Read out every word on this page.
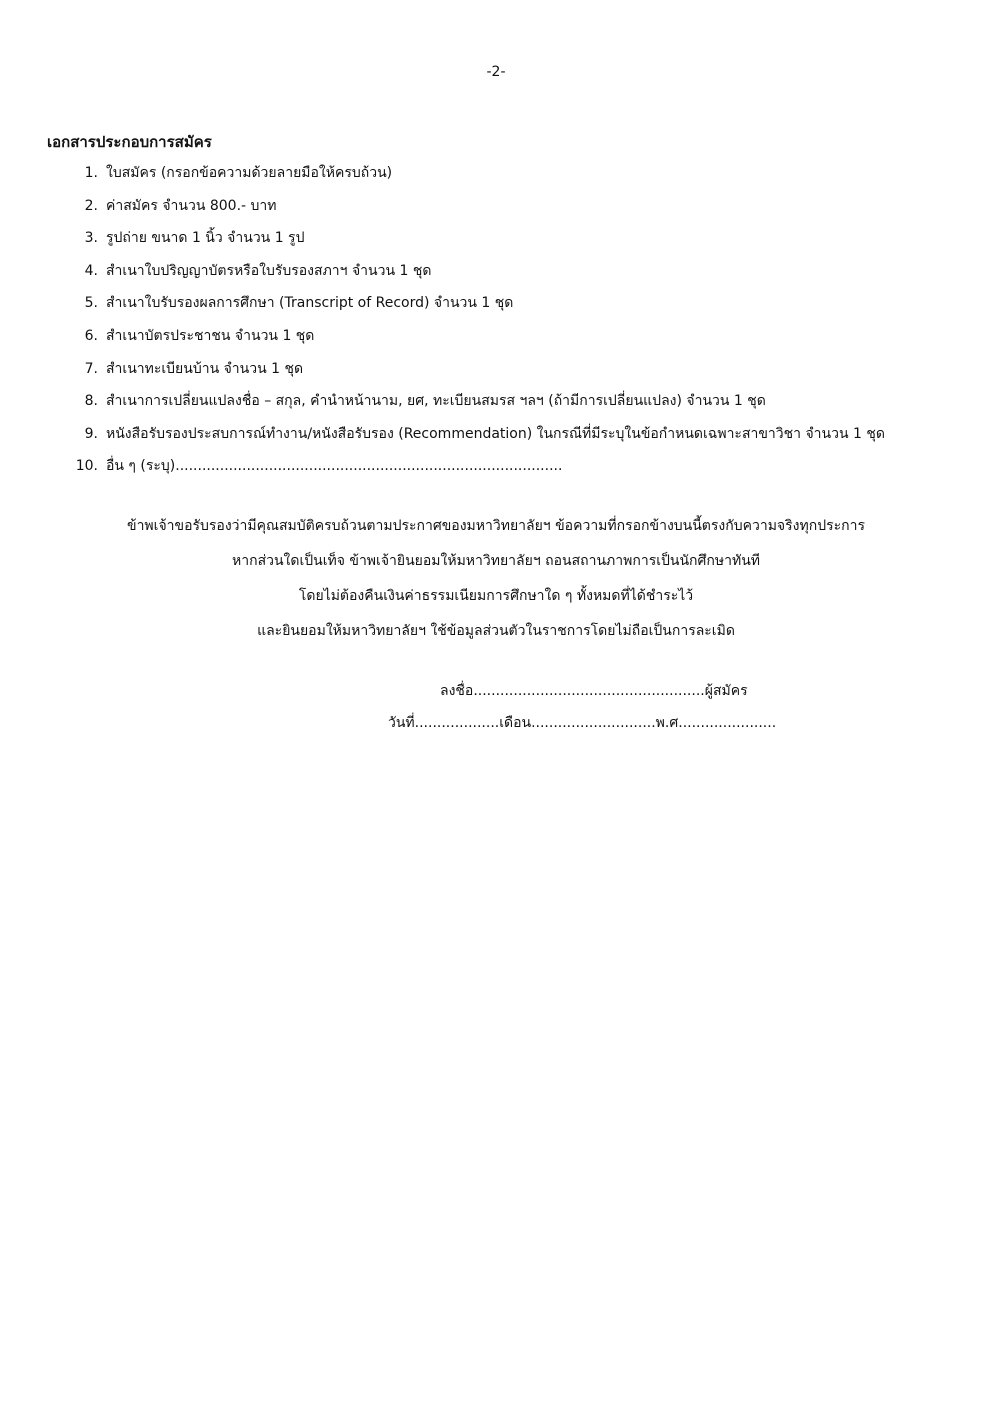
-2-
เอกสารประกอบการสมัคร
1. ใบสมัคร (กรอกข้อความด้วยลายมือให้ครบถ้วน)
2. ค่าสมัคร จำนวน 800.- บาท
3. รูปถ่าย ขนาด 1 นิ้ว จำนวน 1 รูป
4. สำเนาใบปริญญาบัตรหรือใบรับรองสภาฯ จำนวน 1 ชุด
5. สำเนาใบรับรองผลการศึกษา (Transcript of Record) จำนวน 1 ชุด
6. สำเนาบัตรประชาชน จำนวน 1 ชุด
7. สำเนาทะเบียนบ้าน จำนวน 1 ชุด
8. สำเนาการเปลี่ยนแปลงชื่อ – สกุล, คำนำหน้านาม, ยศ, ทะเบียนสมรส ฯลฯ (ถ้ามีการเปลี่ยนแปลง) จำนวน 1 ชุด
9. หนังสือรับรองประสบการณ์ทำงาน/หนังสือรับรอง (Recommendation) ในกรณีที่มีระบุในข้อกำหนดเฉพาะสาขาวิชา จำนวน 1 ชุด
10. อื่น ๆ (ระบุ).......................................................................................
ข้าพเจ้าขอรับรองว่ามีคุณสมบัติครบถ้วนตามประกาศของมหาวิทยาลัยฯ ข้อความที่กรอกข้างบนนี้ตรงกับความจริงทุกประการ
หากส่วนใดเป็นเท็จ ข้าพเจ้ายินยอมให้มหาวิทยาลัยฯ ถอนสถานภาพการเป็นนักศึกษาทันที
โดยไม่ต้องคืนเงินค่าธรรมเนียมการศึกษาใด ๆ ทั้งหมดที่ได้ชำระไว้
และยินยอมให้มหาวิทยาลัยฯ ใช้ข้อมูลส่วนตัวในราชการโดยไม่ถือเป็นการละเมิด
ลงชื่อ....................................................ผู้สมัคร
วันที่...................เดือน............................พ.ศ......................
